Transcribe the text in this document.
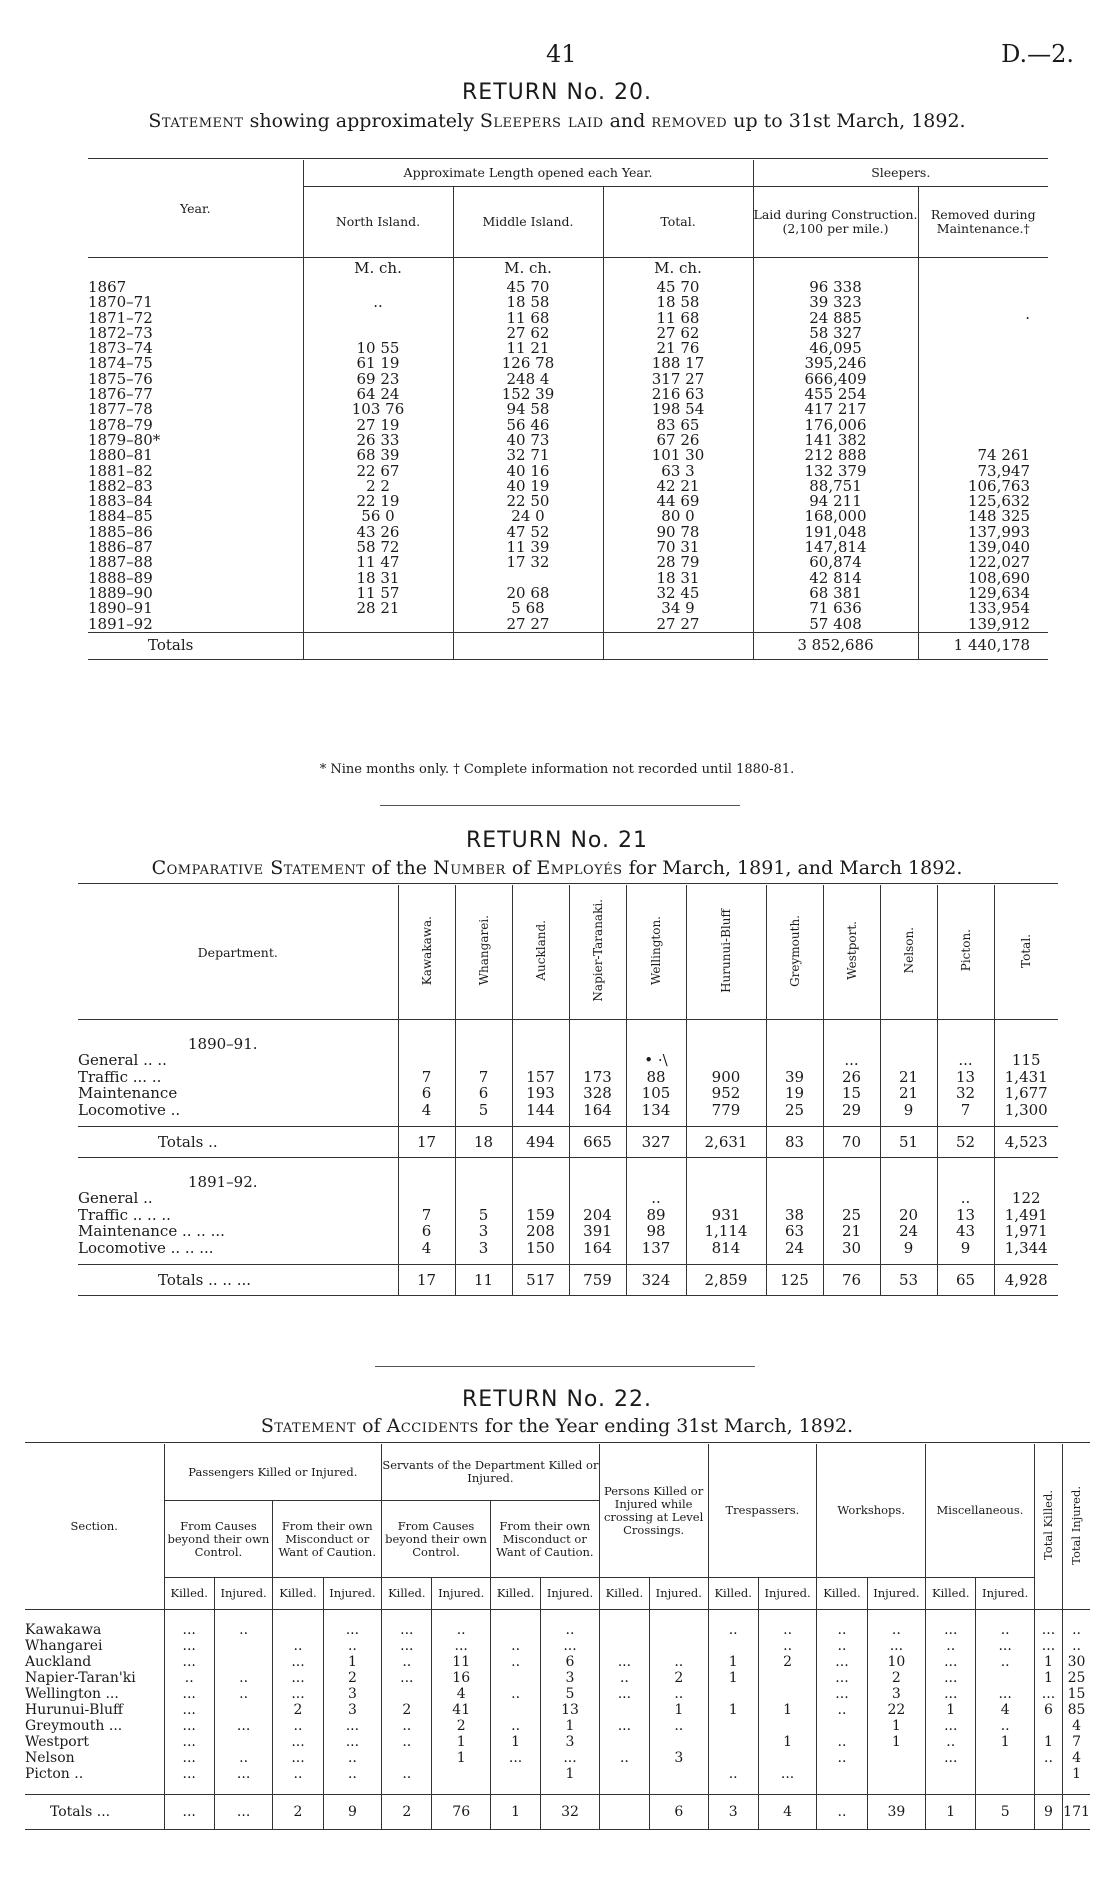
41	D.—2.
RETURN No. 20.
Statement showing approximately Sleepers laid and removed up to 31st March, 1892.
Year.	Approximate Length opened each Year.			Sleepers.	
	North Island.	Middle Island.	Total.	Laid during Construction. (2,100 per mile.)	Removed during Maintenance.†
	M. ch.	M. ch.	M. ch.		
1867		45 70	45 70	96 338	
1870–71	..	18 58	18 58	39 323	
1871–72		11 68	11 68	24 885	·
1872–73		27 62	27 62	58 327	
1873–74	10 55	11 21	21 76	46,095	
1874–75	61 19	126 78	188 17	395,246	
1875–76	69 23	248 4	317 27	666,409	
1876–77	64 24	152 39	216 63	455 254	
1877–78	103 76	94 58	198 54	417 217	
1878–79	27 19	56 46	83 65	176,006	
1879–80*	26 33	40 73	67 26	141 382	
1880–81	68 39	32 71	101 30	212 888	74 261
1881–82	22 67	40 16	63 3	132 379	73,947
1882–83	2 2	40 19	42 21	88,751	106,763
1883–84	22 19	22 50	44 69	94 211	125,632
1884–85	56 0	24 0	80 0	168,000	148 325
1885–86	43 26	47 52	90 78	191,048	137,993
1886–87	58 72	11 39	70 31	147,814	139,040
1887–88	11 47	17 32	28 79	60,874	122,027
1888–89	18 31		18 31	42 814	108,690
1889–90	11 57	20 68	32 45	68 381	129,634
1890–91	28 21	5 68	34 9	71 636	133,954
1891–92		27 27	27 27	57 408	139,912
Totals				3 852,686	1 440,178
* Nine months only. † Complete information not recorded until 1880-81.
RETURN No. 21
Comparative Statement of the Number of Employés for March, 1891, and March 1892.
Department.	Kawakawa.	Whangarei.	Auckland.	Napier-Taranaki.	Wellington.	Hurunui-Bluff	Greymouth.	Westport.	Nelson.	Picton.	Total.

1890–91.											
General .. ..					• ·\			...		...	115
Traffic ... ..	7	7	157	173	88	900	39	26	21	13	1,431
Maintenance	6	6	193	328	105	952	19	15	21	32	1,677
Locomotive ..	4	5	144	164	134	779	25	29	9	7	1,300

Totals ..	17	18	494	665	327	2,631	83	70	51	52	4,523

1891–92.											
General ..					..					..	122
Traffic .. .. ..	7	5	159	204	89	931	38	25	20	13	1,491
Maintenance .. .. ...	6	3	208	391	98	1,114	63	21	24	43	1,971
Locomotive .. .. ...	4	3	150	164	137	814	24	30	9	9	1,344

Totals .. .. ...	17	11	517	759	324	2,859	125	76	53	65	4,928
RETURN No. 22.
Statement of Accidents for the Year ending 31st March, 1892.
Section.	Passengers Killed or Injured.				Servants of the Department Killed or Injured.				Persons Killed or Injured while crossing at Level Crossings.		Trespassers.		Workshops.		Miscellaneous.		Total Killed.	Total Injured.
	From Causes beyond their own Control.		From their own Misconduct or Want of Caution.		From Causes beyond their own Control.		From their own Misconduct or Want of Caution.											
	Killed.	Injured.	Killed.	Injured.	Killed.	Injured.	Killed.	Injured.	Killed.	Injured.	Killed.	Injured.	Killed.	Injured.	Killed.	Injured.		

Kawakawa	...	..		...	...	..		..			..	..	..	..	...	..	...	..
Whangarei	...		..	..	...	...	..	...				..	..	...	..	...	...	..
Auckland	...		...	1	..	11	..	6	...	..	1	2	...	10	...	..	1	30
Napier-Taran'ki	..	..	...	2	...	16		3	..	2	1		...	2	...		1	25
Wellington ...	...	..	...	3		4	..	5	...	..			...	3	...	...	...	15
Hurunui-Bluff	...		2	3	2	41		13		1	1	1	..	22	1	4	6	85
Greymouth ...	...	...	..	...	..	2	..	1	...	..				1	...	..		4
Westport	...		...	...	..	1	1	3				1	..	1	..	1	1	7
Nelson	...	..	...	..		1	...	...	..	3			..		...		..	4
Picton ..	...	...	..	..	..			1			..	...						1

Totals ...	...	...	2	9	2	76	1	32		6	3	4	..	39	1	5	9	171
